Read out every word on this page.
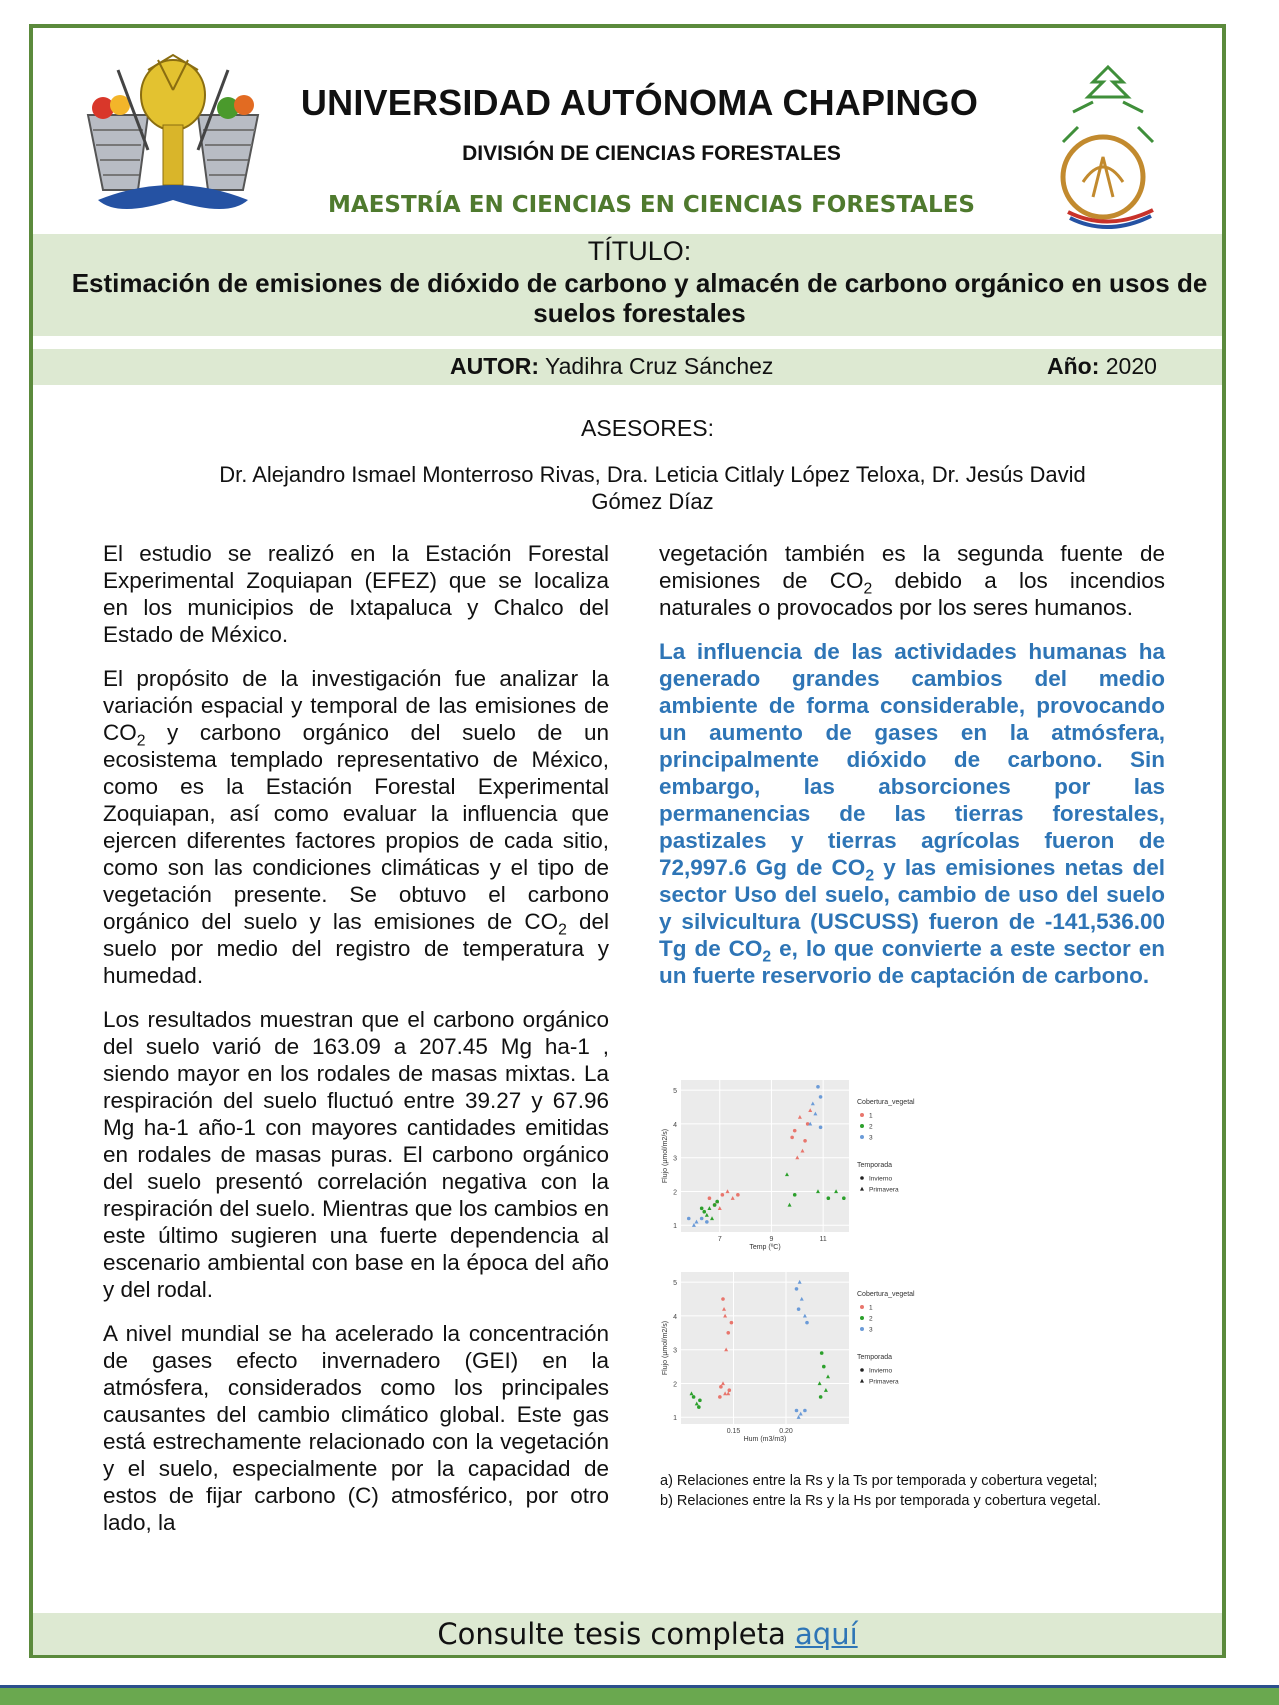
UNIVERSIDAD AUTÓNOMA CHAPINGO
DIVISIÓN DE CIENCIAS FORESTALES
MAESTRÍA EN CIENCIAS EN CIENCIAS FORESTALES
TÍTULO:
Estimación de emisiones de dióxido de carbono y almacén de carbono orgánico en usos de suelos forestales
AUTOR: Yadihra Cruz Sánchez	Año: 2020
ASESORES:
Dr. Alejandro Ismael Monterroso Rivas, Dra. Leticia Citlaly López Teloxa, Dr. Jesús David Gómez Díaz

El estudio se realizó en la Estación Forestal Experimental Zoquiapan (EFEZ) que se localiza en los municipios de Ixtapaluca y Chalco del Estado de México.

El propósito de la investigación fue analizar la variación espacial y temporal de las emisiones de $CO_2$ y carbono orgánico del suelo de un ecosistema templado representativo de México, como es la Estación Forestal Experimental Zoquiapan, así como evaluar la influencia que ejercen diferentes factores propios de cada sitio, como son las condiciones climáticas y el tipo de vegetación presente. Se obtuvo el carbono orgánico del suelo y las emisiones de $CO_2$ del suelo por medio del registro de temperatura y humedad.

Los resultados muestran que el carbono orgánico del suelo varió de 163.09 a 207.45 Mg ha-1 , siendo mayor en los rodales de masas mixtas. La respiración del suelo fluctuó entre 39.27 y 67.96 Mg ha-1 año-1 con mayores cantidades emitidas en rodales de masas puras. El carbono orgánico del suelo presentó correlación negativa con la respiración del suelo. Mientras que los cambios en este último sugieren una fuerte dependencia al escenario ambiental con base en la época del año y del rodal.

A nivel mundial se ha acelerado la concentración de gases efecto invernadero (GEI) en la atmósfera, considerados como los principales causantes del cambio climático global. Este gas está estrechamente relacionado con la vegetación y el suelo, especialmente por la capacidad de estos de fijar carbono (C) atmosférico, por otro lado, la

vegetación también es la segunda fuente de emisiones de $CO_2$ debido a los incendios naturales o provocados por los seres humanos.

La influencia de las actividades humanas ha generado grandes cambios del medio ambiente de forma considerable, provocando un aumento de gases en la atmósfera, principalmente dióxido de carbono. Sin embargo, las absorciones por las permanencias de las tierras forestales, pastizales y tierras agrícolas fueron de 72,997.6 Gg de $CO_2$ y las emisiones netas del sector Uso del suelo, cambio de uso del suelo y silvicultura (USCUSS) fueron de -141,536.00 Tg de $CO_2$ e, lo que convierte a este sector en un fuerte reservorio de captación de carbono.

1
2
3
4
5
7	9	11
Temp (ºC)
Flujo (µmol/m2/s)
Cobertura_vegetal
1
2
3
Temporada
Invierno
Primavera
1
2
3
4
5
0.15	0.20
Hum (m3/m3)
Flujo (µmol/m2/s)
Cobertura_vegetal
1
2
3
Temporada
Invierno
Primavera
a) Relaciones entre la Rs y la Ts por temporada y cobertura vegetal; b) Relaciones entre la Rs y la Hs por temporada y cobertura vegetal.
Consulte tesis completa aquí
